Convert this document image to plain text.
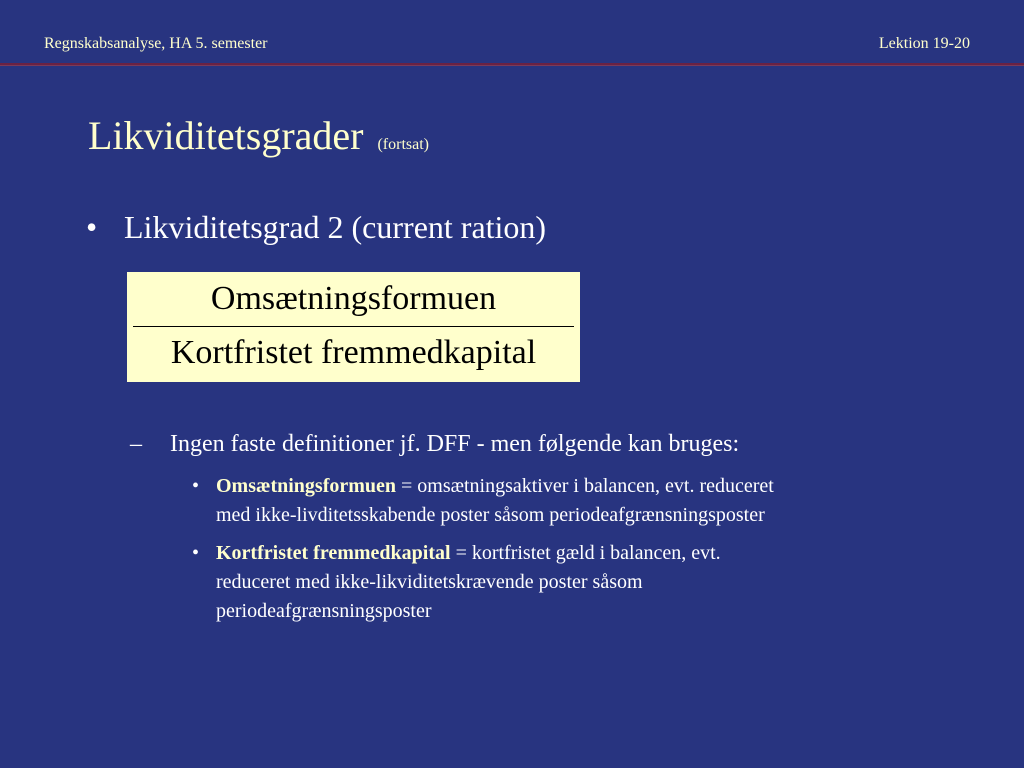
Regnskabsanalyse, HA 5. semester	Lektion 19-20
Likviditetsgrader (fortsat)
• Likviditetsgrad 2 (current ration)
Omsætningsformuen
Kortfristet fremmedkapital
– Ingen faste definitioner jf. DFF - men følgende kan bruges:
• Omsætningsformuen = omsætningsaktiver i balancen, evt. reduceret
med ikke-livditetsskabende poster såsom periodeafgrænsningsposter
• Kortfristet fremmedkapital = kortfristet gæld i balancen, evt.
reduceret med ikke-likviditetskrævende poster såsom
periodeafgrænsningsposter
